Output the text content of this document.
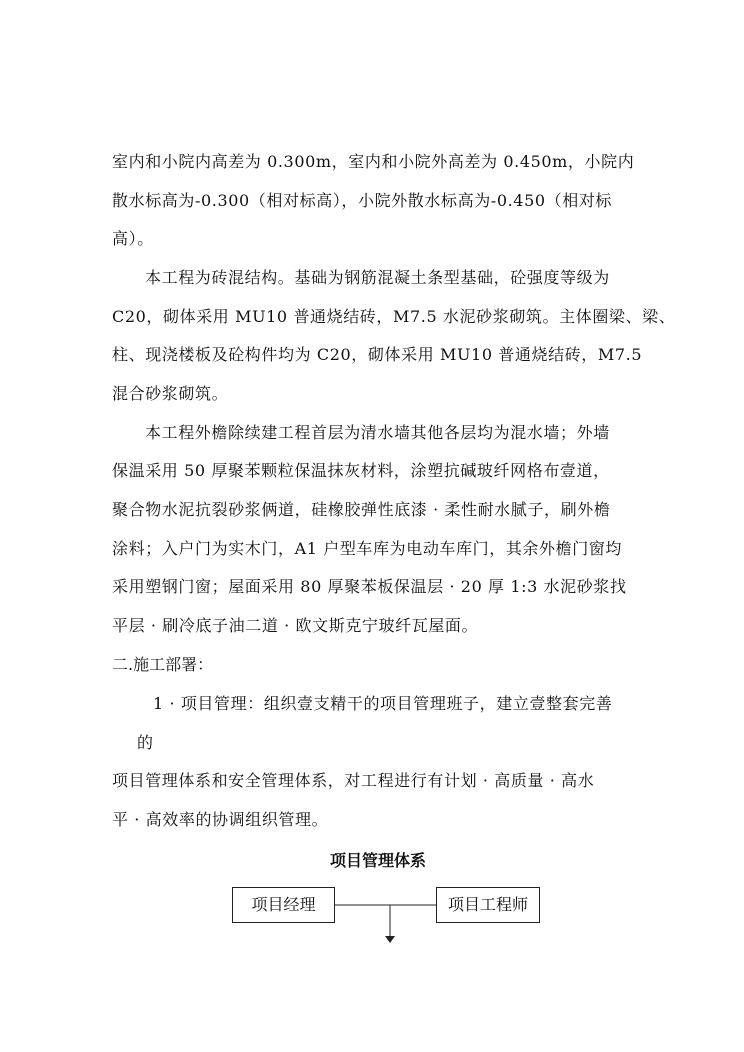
室内和小院内高差为 0.300m，室内和小院外高差为 0.450m，小院内
散水标高为-0.300（相对标高），小院外散水标高为-0.450（相对标
高）。
本工程为砖混结构。基础为钢筋混凝土条型基础，砼强度等级为
C20，砌体采用 MU10 普通烧结砖，M7.5 水泥砂浆砌筑。主体圈梁、梁、
柱、现浇楼板及砼构件均为 C20，砌体采用 MU10 普通烧结砖，M7.5
混合砂浆砌筑。
本工程外檐除续建工程首层为清水墙其他各层均为混水墙；外墙
保温采用 50 厚聚苯颗粒保温抹灰材料，涂塑抗碱玻纤网格布壹道，
聚合物水泥抗裂砂浆俩道，硅橡胶弹性底漆 · 柔性耐水腻子，刷外檐
涂料；入户门为实木门，A1 户型车库为电动车库门，其余外檐门窗均
采用塑钢门窗；屋面采用 80 厚聚苯板保温层 · 20 厚 1:3 水泥砂浆找
平层 · 刷冷底子油二道 · 欧文斯克宁玻纤瓦屋面。
二.施工部署：
1 · 项目管理：组织壹支精干的项目管理班子，建立壹整套完善
的
项目管理体系和安全管理体系，对工程进行有计划 · 高质量 · 高水
平 · 高效率的协调组织管理。
项目管理体系
项目经理	项目工程师
